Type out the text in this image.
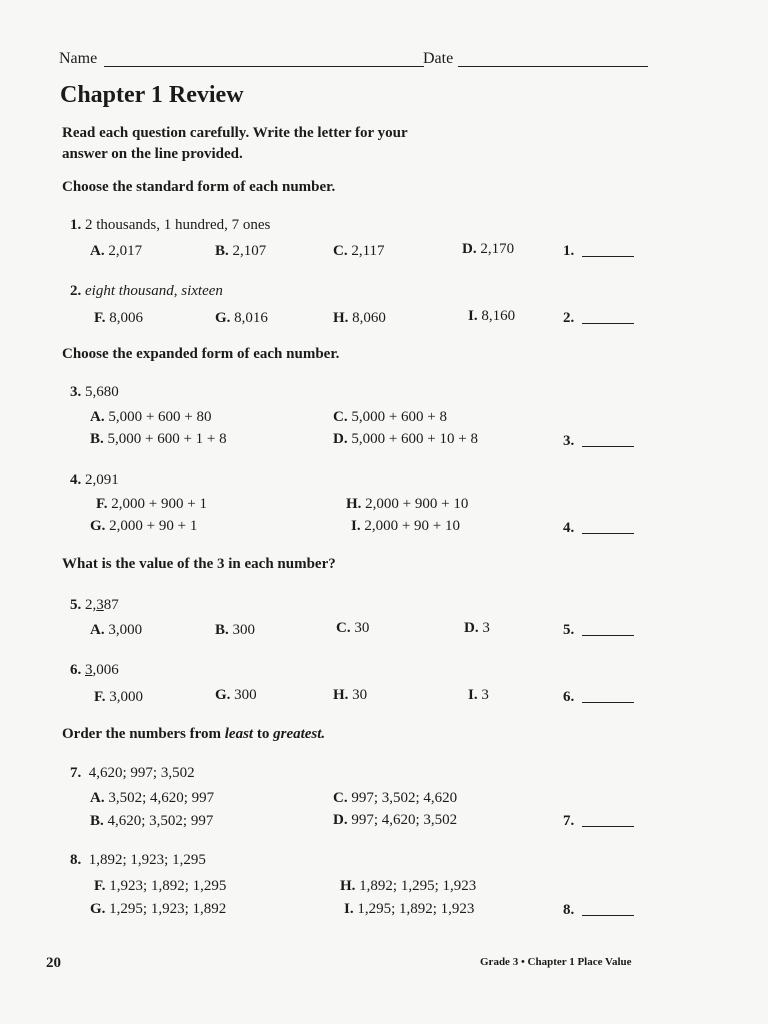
Name	Date
Chapter 1 Review
Read each question carefully. Write the letter for your
answer on the line provided.
Choose the standard form of each number.
1. 2 thousands, 1 hundred, 7 ones
A. 2,017	B. 2,107	C. 2,117	D. 2,170	1.
2. eight thousand, sixteen
F. 8,006	G. 8,016	H. 8,060	I. 8,160	2.
Choose the expanded form of each number.
3. 5,680
A. 5,000 + 600 + 80
B. 5,000 + 600 + 1 + 8
C. 5,000 + 600 + 8
D. 5,000 + 600 + 10 + 8	3.
4. 2,091
F. 2,000 + 900 + 1
G. 2,000 + 90 + 1
H. 2,000 + 900 + 10
I. 2,000 + 90 + 10	4.
What is the value of the 3 in each number?
5. 2,387
A. 3,000	B. 300	C. 30	D. 3	5.
6. 3,006
F. 3,000	G. 300	H. 30	I. 3	6.
Order the numbers from least to greatest.
7. 4,620; 997; 3,502
A. 3,502; 4,620; 997
B. 4,620; 3,502; 997
C. 997; 3,502; 4,620
D. 997; 4,620; 3,502	7.
8. 1,892; 1,923; 1,295
F. 1,923; 1,892; 1,295
G. 1,295; 1,923; 1,892
H. 1,892; 1,295; 1,923
I. 1,295; 1,892; 1,923	8.
20	Grade 3 • Chapter 1 Place Value
